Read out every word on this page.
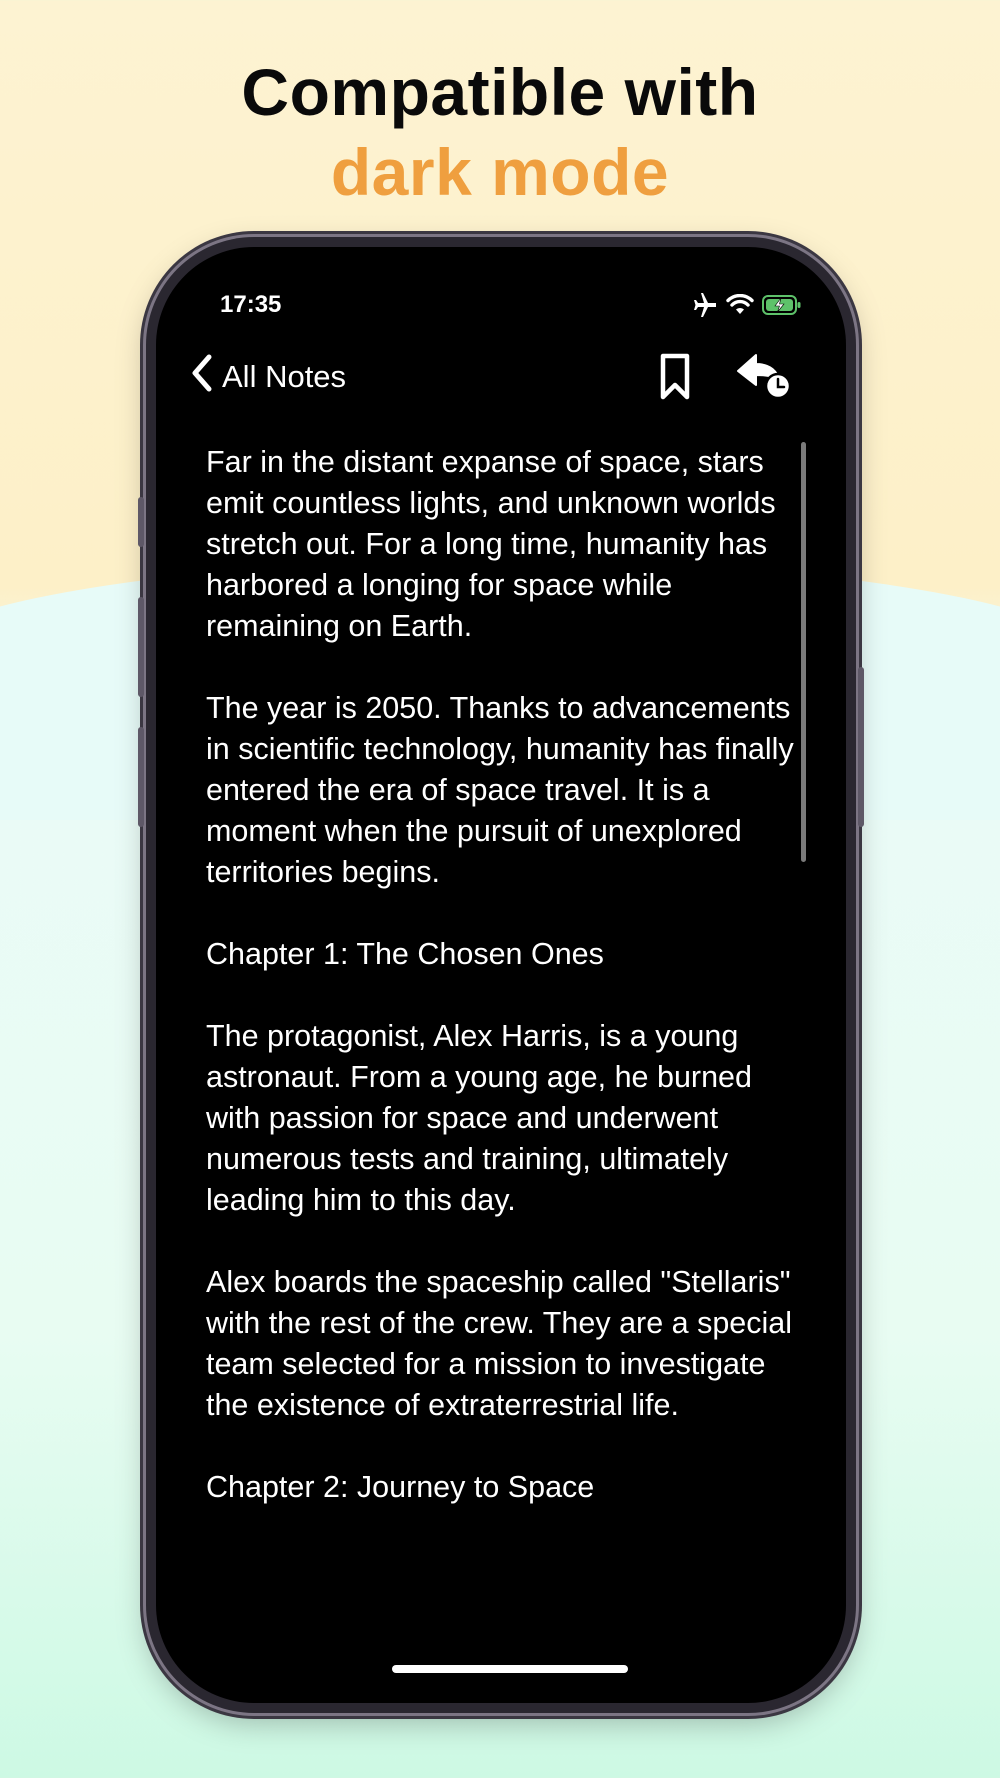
Compatible with
dark mode
17:35
All Notes

Far in the distant expanse of space, stars emit countless lights, and unknown worlds stretch out. For a long time, humanity has harbored a longing for space while remaining on Earth.

The year is 2050. Thanks to advancements in scientific technology, humanity has finally entered the era of space travel. It is a moment when the pursuit of unexplored territories begins.

Chapter 1: The Chosen Ones

The protagonist, Alex Harris, is a young astronaut. From a young age, he burned with passion for space and underwent numerous tests and training, ultimately leading him to this day.

Alex boards the spaceship called "Stellaris" with the rest of the crew. They are a special team selected for a mission to investigate the existence of extraterrestrial life.

Chapter 2: Journey to Space
